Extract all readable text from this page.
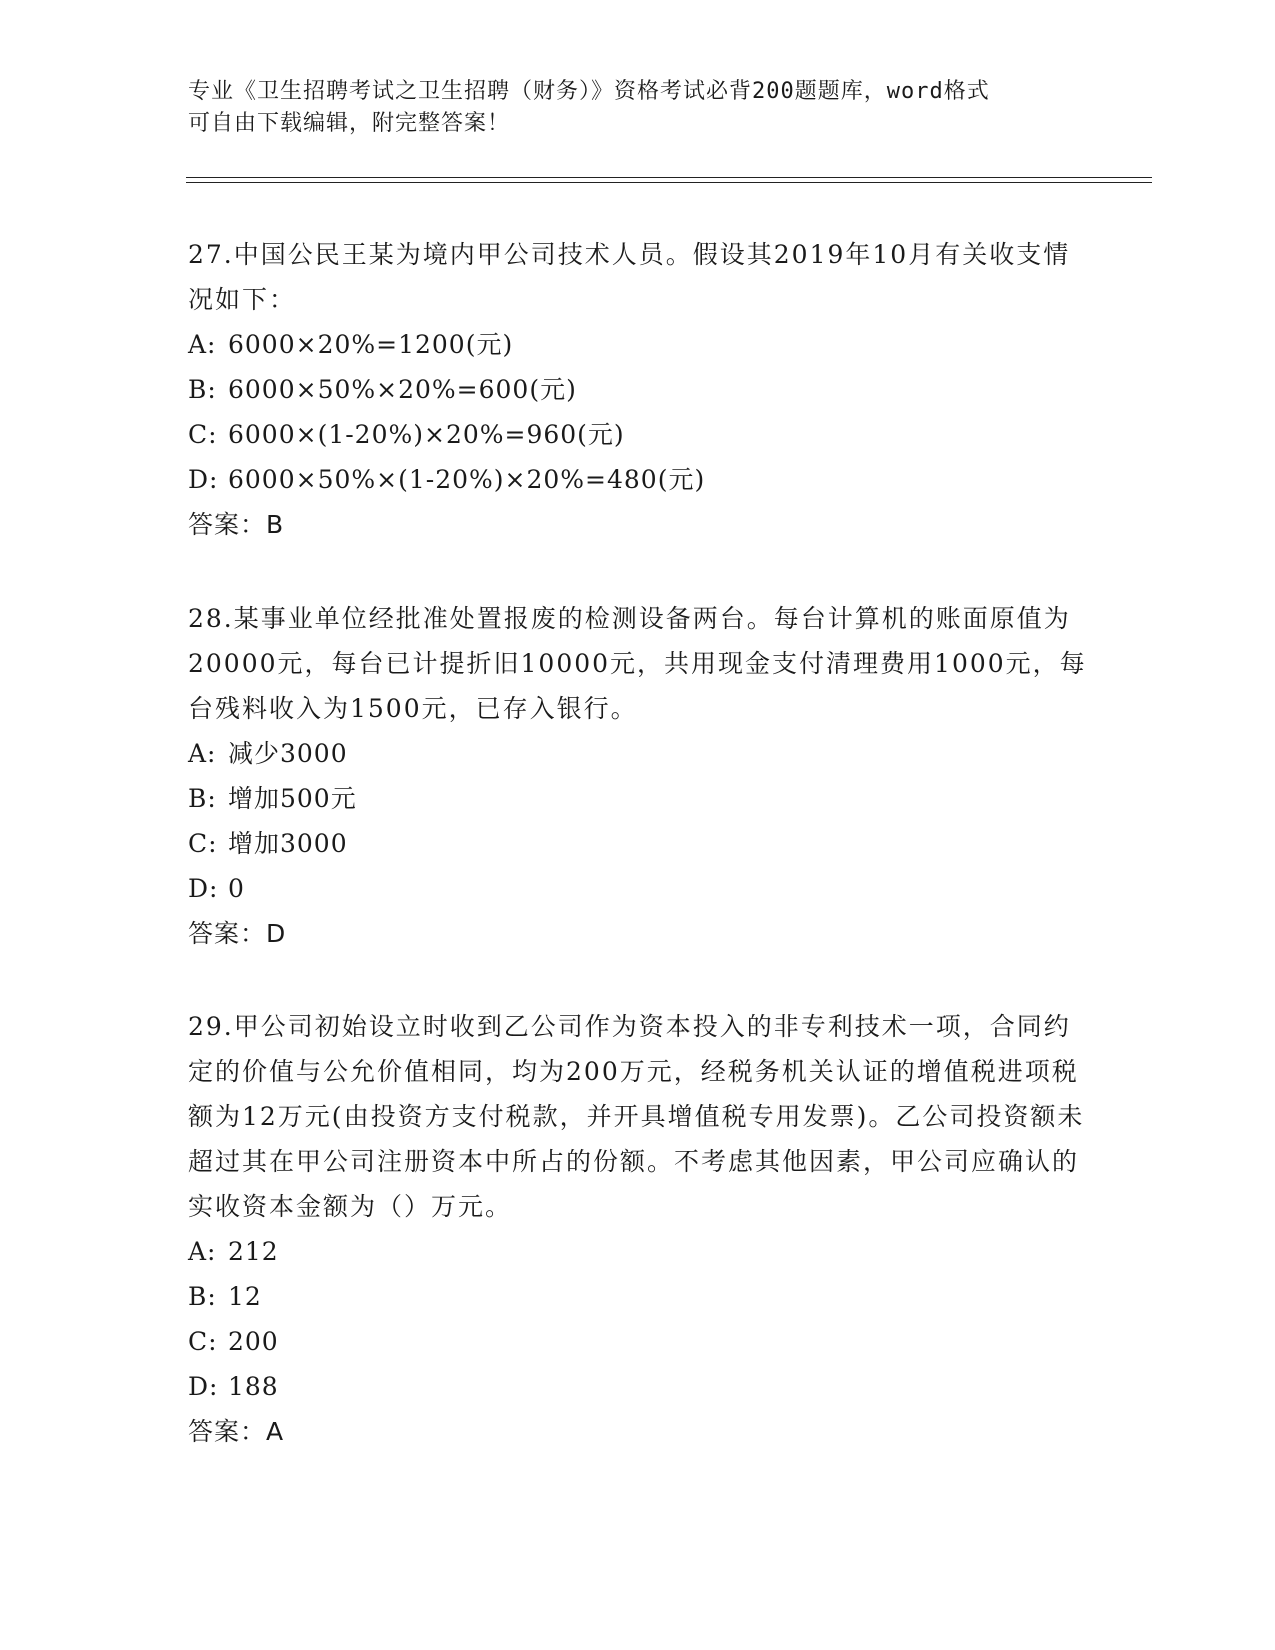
专业《卫生招聘考试之卫生招聘（财务）》资格考试必背200题题库，word格式
可自由下载编辑，附完整答案！

27.中国公民王某为境内甲公司技术人员。假设其2019年10月有关收支情况如下：

A: 6000×20%=1200(元)

B: 6000×50%×20%=600(元)

C: 6000×(1-20%)×20%=960(元)

D: 6000×50%×(1-20%)×20%=480(元)

答案：B

28.某事业单位经批准处置报废的检测设备两台。每台计算机的账面原值为20000元，每台已计提折旧10000元，共用现金支付清理费用1000元，每台残料收入为1500元，已存入银行。

A: 减少3000

B: 增加500元

C: 增加3000

D: 0

答案：D

29.甲公司初始设立时收到乙公司作为资本投入的非专利技术一项，合同约定的价值与公允价值相同，均为200万元，经税务机关认证的增值税进项税额为12万元(由投资方支付税款，并开具增值税专用发票)。乙公司投资额未超过其在甲公司注册资本中所占的份额。不考虑其他因素，甲公司应确认的实收资本金额为（）万元。

A: 212

B: 12

C: 200

D: 188

答案：A
